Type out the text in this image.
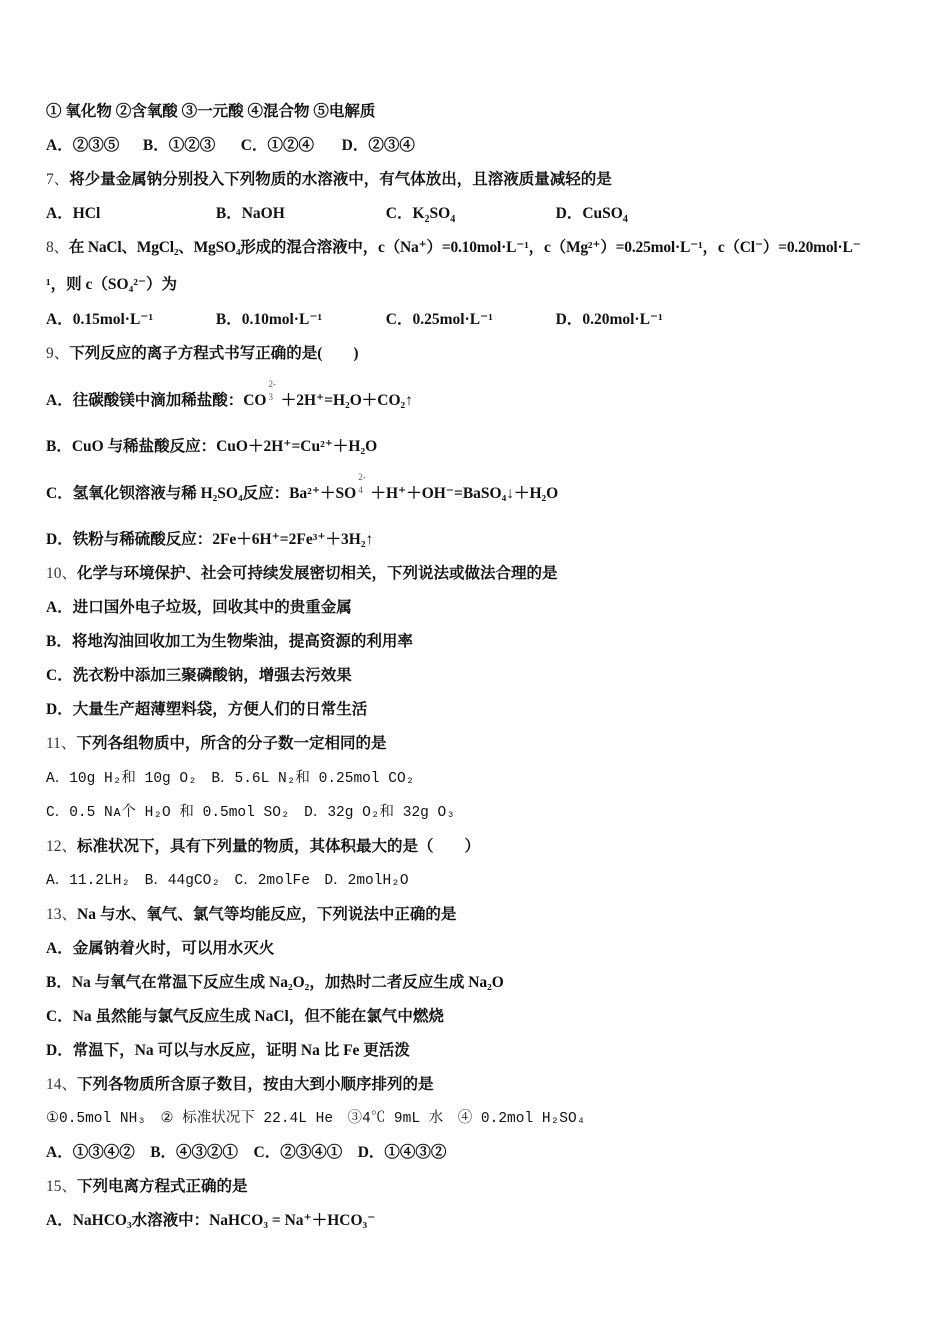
① 氧化物 ②含氧酸 ③一元酸 ④混合物 ⑤电解质
A．②③⑤ B．①②③ C．①②④ D．②③④
7、将少量金属钠分别投入下列物质的水溶液中，有气体放出，且溶液质量减轻的是
A．HCl	B．NaOH	C．$K_2SO_4$	D．CuSO$_4$
8、在 NaCl、MgCl₂、MgSO₄形成的混合溶液中，c（Na⁺）=0.10mol·L⁻¹，c（Mg²⁺）=0.25mol·L⁻¹，c（Cl⁻）=0.20mol·L⁻
¹，则 c（SO₄²⁻）为
A．0.15mol·L⁻¹	B．0.10mol·L⁻¹	C．0.25mol·L⁻¹	D．0.20mol·L⁻¹
9、下列反应的离子方程式书写正确的是(　　)
A．往碳酸镁中滴加稀盐酸：CO
2-
$^3$ ＋2H⁺=H₂O＋CO₂↑
B．CuO 与稀盐酸反应：CuO＋2H⁺=Cu²⁺＋H₂O
C．氢氧化钡溶液与稀 H₂SO₄反应：Ba²⁺＋SO
2-
$^4$ ＋H⁺＋OH⁻=BaSO₄↓＋H₂O
D．铁粉与稀硫酸反应：2Fe＋6H⁺=2Fe³⁺＋3H₂↑
10、化学与环境保护、社会可持续发展密切相关，下列说法或做法合理的是
A．进口国外电子垃圾，回收其中的贵重金属
B．将地沟油回收加工为生物柴油，提高资源的利用率
C．洗衣粉中添加三聚磷酸钠，增强去污效果
D．大量生产超薄塑料袋，方便人们的日常生活
11、下列各组物质中，所含的分子数一定相同的是
A．10g H₂和 10g O₂　B．5.6L N₂和 0.25mol CO₂
C．0.5 Nᴀ个 H₂O 和 0.5mol SO₂　D．32g O₂和 32g O₃
12、标准状况下，具有下列量的物质，其体积最大的是（　　）
A．11.2LH₂　B．44gCO₂　C．2molFe　D．2molH₂O
13、Na 与水、氧气、氯气等均能反应，下列说法中正确的是
A．金属钠着火时，可以用水灭火
B．Na 与氧气在常温下反应生成 Na₂O₂，加热时二者反应生成 Na₂O
C．Na 虽然能与氯气反应生成 NaCl，但不能在氯气中燃烧
D．常温下，Na 可以与水反应，证明 Na 比 Fe 更活泼
14、下列各物质所含原子数目，按由大到小顺序排列的是
①0.5mol NH₃　② 标准状况下 22.4L He　③4℃ 9mL 水　④ 0.2mol H₂SO₄
A．①③④②　B．④③②①　C．②③④①　D．①④③②
15、下列电离方程式正确的是
A．NaHCO₃水溶液中：NaHCO₃ = Na⁺＋HCO₃⁻
